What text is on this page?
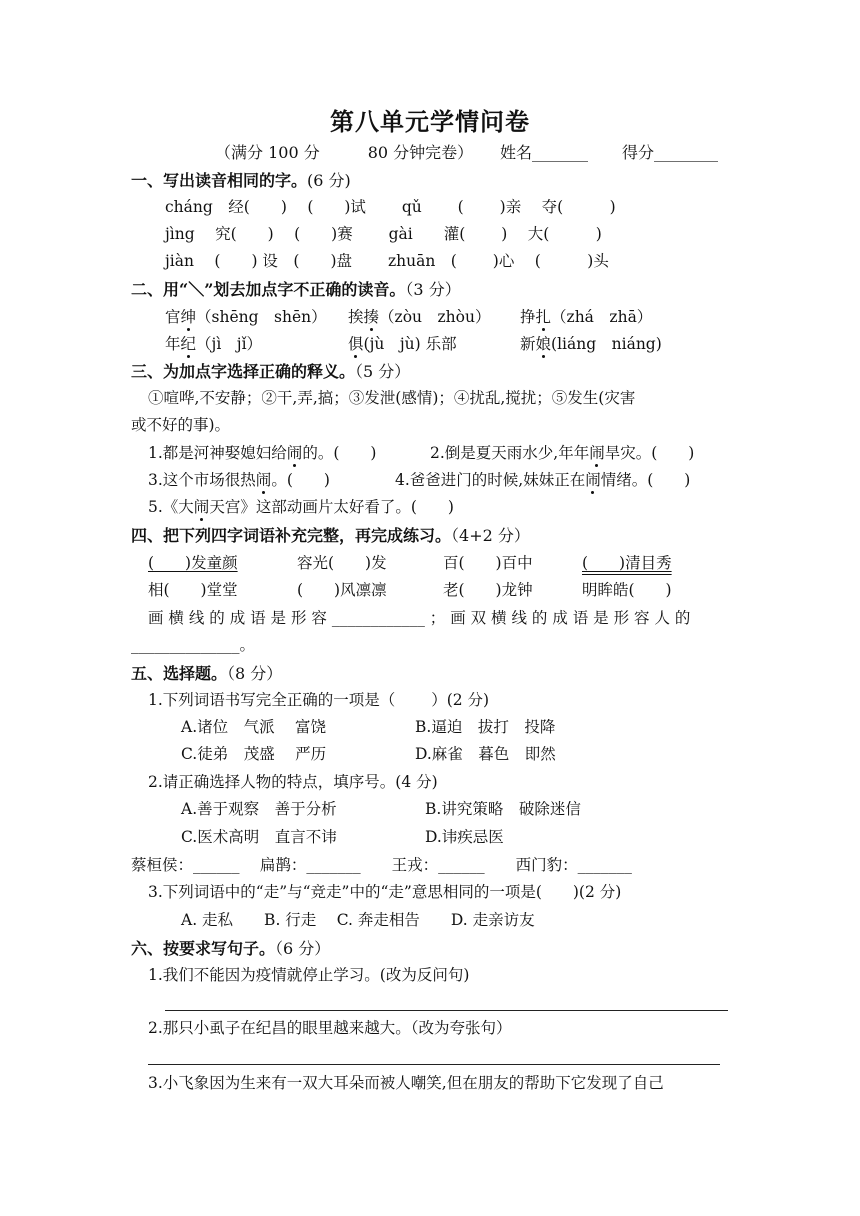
第八单元学情问卷
（满分 100 分　　　80 分钟完卷） 姓名_______ 得分________
一、写出读音相同的字。(6 分)
cháng　经(　　)　 (　　)试　　 qǔ　　 (　　 )亲　 夺(　　　)
jìng　 究(　　)　 (　　)赛　　 gài　　灌(　　 ) 　大(　　　)
jiàn　 (　　) 设　(　　)盘　　 zhuān　(　　 )心　 (　　　)头
二、用“＼”划去加点字不正确的读音。（3 分）
官绅（shēng　shēn） 挨揍（zòu　zhòu） 挣扎（zhá　zhā）
年纪（jì　jǐ）	俱(jù　jù) 乐部	新娘(liáng　niáng)
三、为加点字选择正确的释义。（5 分）
①喧哗,不安静；②干,弄,搞；③发泄(感情)；④扰乱,搅扰；⑤发生(灾害
或不好的事)。
1.都是河神娶媳妇给闹的。(　　)	2.倒是夏天雨水少,年年闹旱灾。(　　)
3.这个市场很热闹。(　　)	4.爸爸进门的时候,妹妹正在闹情绪。(　　)
5.《大闹天宫》这部动画片太好看了。(　　)
四、把下列四字词语补充完整，再完成练习。（4+2 分）
(　　)发童颜	容光(　　)发	百(　　)百中	(　　)清目秀
相(　　)堂堂	(　　)风凛凛	老(　　)龙钟	明眸皓(　　)
画 横 线 的 成 语 是 形 容 ____________ ； 画 双 横 线 的 成 语 是 形 容 人 的
______________。
五、选择题。（8 分）
1.下列词语书写完全正确的一项是（　　 ）(2 分)
A.诸位　气派　 富饶	B.逼迫　拔打　投降
C.徒弟　茂盛　 严历	D.麻雀　暮色　即然
2.请正确选择人物的特点，填序号。(4 分)
A.善于观察　善于分析	B.讲究策略　破除迷信
C.医术高明　直言不讳	D.讳疾忌医
蔡桓侯：______　 扁鹊：_______　　王戎：______　　西门豹：_______
3.下列词语中的“走”与“竞走”中的“走”意思相同的一项是(　　)(2 分)
A. 走私　　B. 行走　 C. 奔走相告　　D. 走亲访友
六、按要求写句子。（6 分）
1.我们不能因为疫情就停止学习。(改为反问句)
2.那只小虱子在纪昌的眼里越来越大。（改为夸张句）
3.小飞象因为生来有一双大耳朵而被人嘲笑,但在朋友的帮助下它发现了自己
